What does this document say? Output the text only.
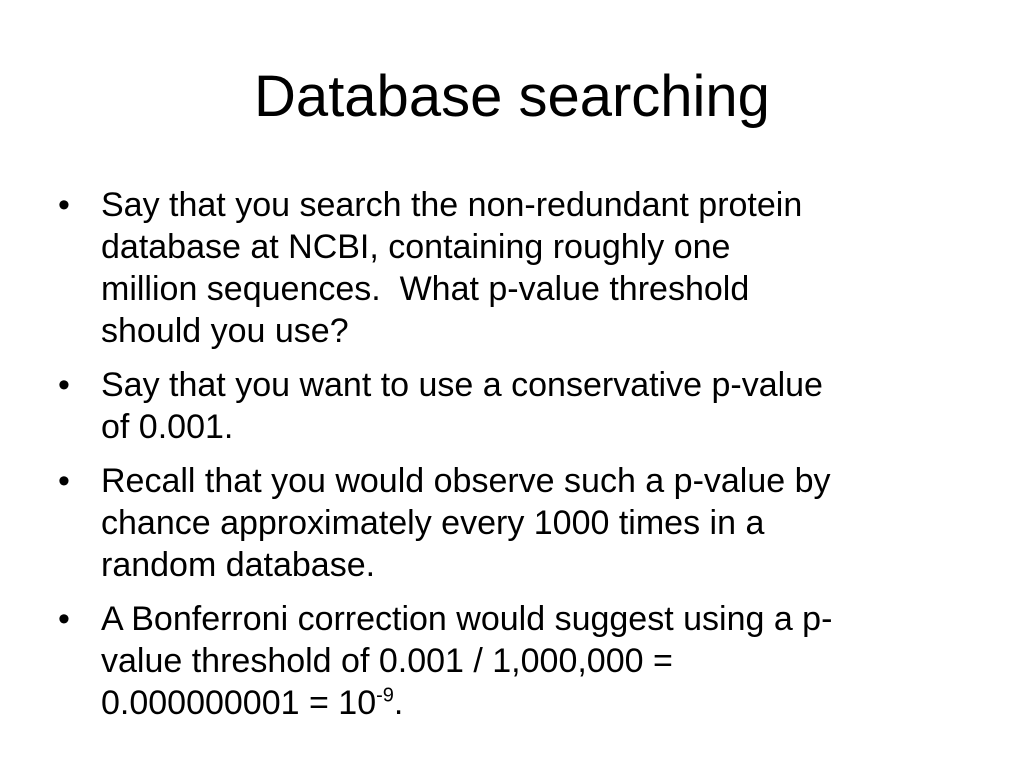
Database searching
• Say that you search the non-redundant protein
database at NCBI, containing roughly one
million sequences.  What p-value threshold
should you use?
• Say that you want to use a conservative p-value
of 0.001.
• Recall that you would observe such a p-value by
chance approximately every 1000 times in a
random database.
• A Bonferroni correction would suggest using a p-
value threshold of 0.001 / 1,000,000 =
$0.000000001 = 10^{-9}$.
